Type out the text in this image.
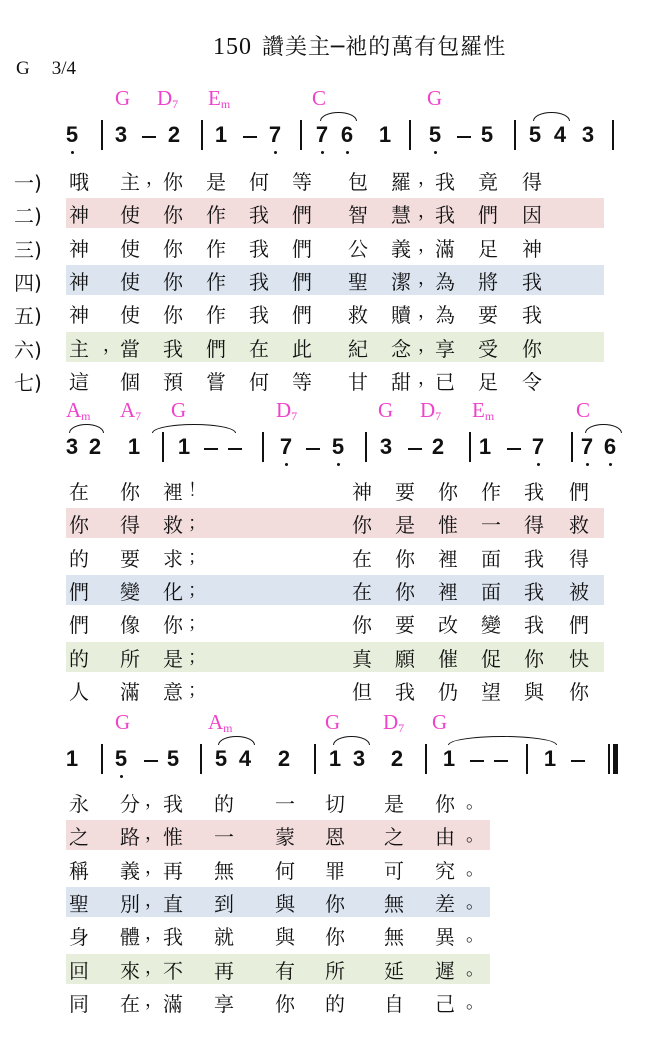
150 讚美主─祂的萬有包羅性
G 3/4
G $D_7$ $E_m$	C	G
5 3 2 1 7 7 6 1 5 5 5 4 3
一) 哦 主 ， 你 是 何 等 包 羅 ， 我 竟 得
二) 神 使 你 作 我 們 智 慧 ， 我 們 因
三) 神 使 你 作 我 們 公 義 ， 滿 足 神
四) 神 使 你 作 我 們 聖 潔 ， 為 將 我
五) 神 使 你 作 我 們 救 贖 ， 為 要 我
六) 主 ， 當 我 們 在 此 紀 念 ， 享 受 你
七) 這 個 預 嘗 何 等 甘 甜 ， 已 足 令
$A_m$ $A_7$ G	$D_7$	G $D_7$ $E_m$	C
3 2 1 1	7 5 3 2 1 7 7 6
在 你 裡 ！	神 要 你 作 我 們
你 得 救 ；	你 是 惟 一 得 救
的 要 求 ；	在 你 裡 面 我 得
們 變 化 ；	在 你 裡 面 我 被
們 像 你 ；	你 要 改 變 我 們
的 所 是 ；	真 願 催 促 你 快
人 滿 意 ；	但 我 仍 望 與 你
G	$A_m$	G $D_7$ G
1 5 5 5 4 2 1 3 2 1	1
永 分 ， 我 的 一 切 是 你 。
之 路 ， 惟 一 蒙 恩 之 由 。
稱 義 ， 再 無 何 罪 可 究 。
聖 別 ， 直 到 與 你 無 差 。
身 體 ， 我 就 與 你 無 異 。
回 來 ， 不 再 有 所 延 遲 。
同 在 ， 滿 享 你 的 自 己 。
